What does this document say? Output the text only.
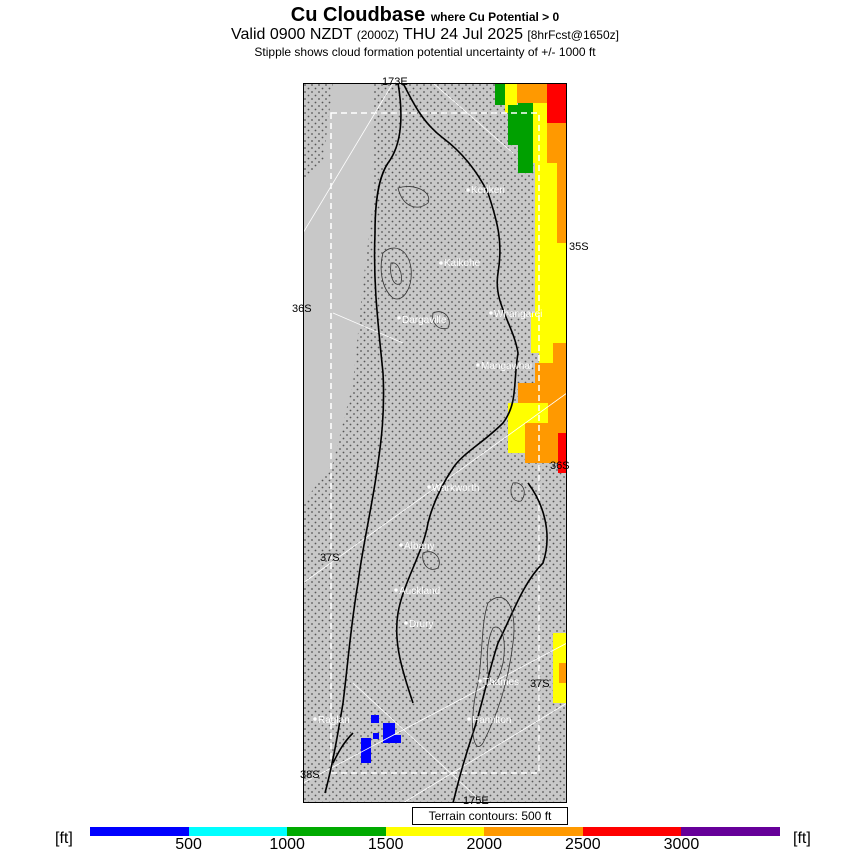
Cu Cloudbase where Cu Potential > 0
Valid 0900 NZDT (2000Z) THU 24 Jul 2025 [8hrFcst@1650z]
Stipple shows cloud formation potential uncertainty of +/- 1000 ft
Kerikeri
Kaikohe
Dargaville
Whangarei
Mangawhai
Warkworth
Albany
Auckland
Drury
Thames
Raglan	Hamilton
173E
175E
35S
36S
36S
37S
37S
38S
Terrain contours: 500 ft
[ft]	[ft]
500	1000	1500	2000	2500	3000
